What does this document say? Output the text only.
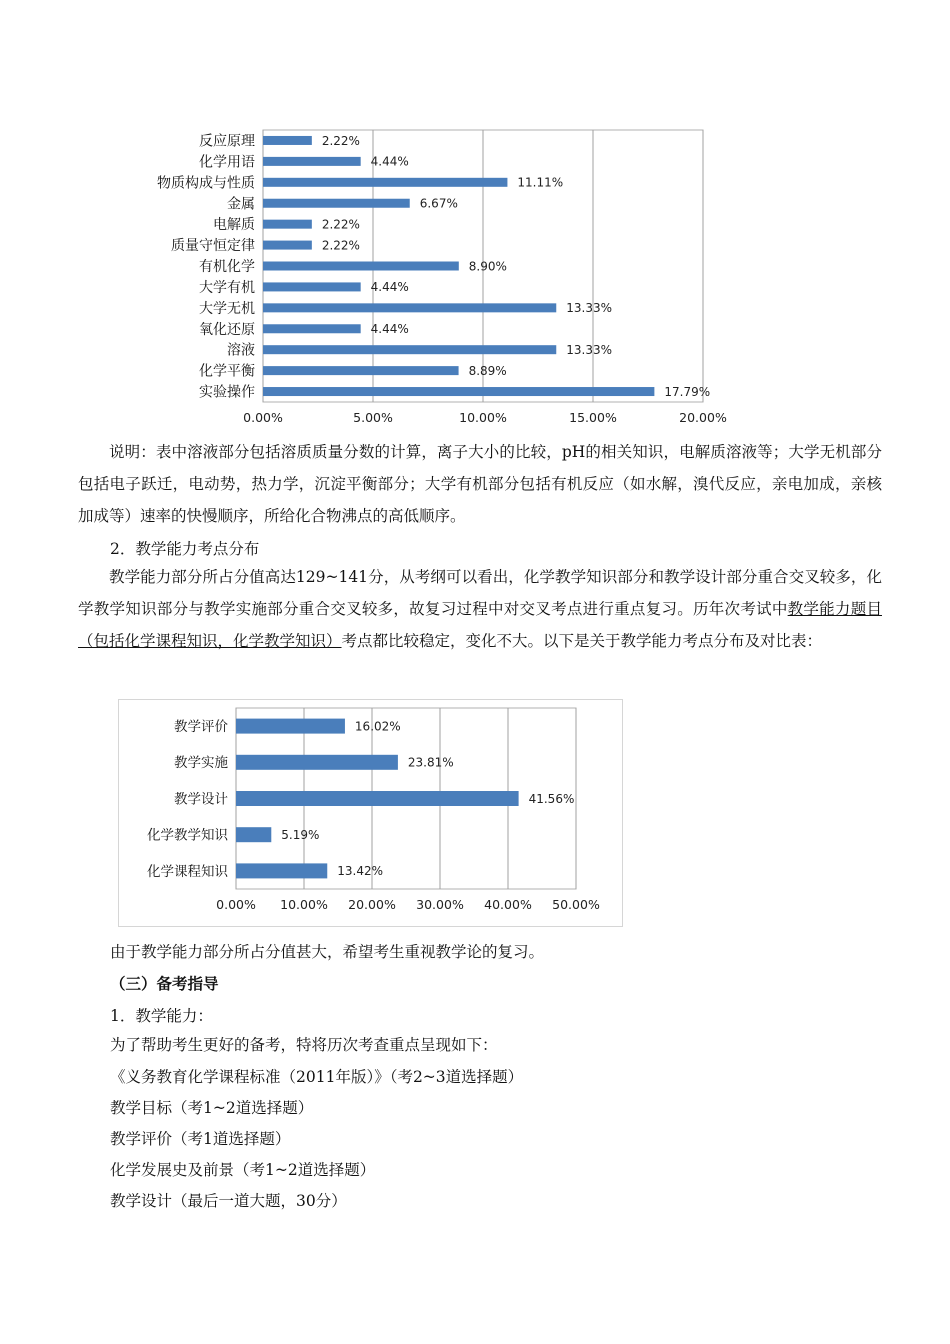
0.00%	5.00%	10.00%	15.00%	20.00%
反应原理	2.22%
化学用语	4.44%
物质构成与性质	11.11%
金属	6.67%
电解质	2.22%
质量守恒定律	2.22%
有机化学	8.90%
大学有机	4.44%
大学无机	13.33%
氧化还原	4.44%
溶液	13.33%
化学平衡	8.89%
实验操作	17.79%

说明：表中溶液部分包括溶质质量分数的计算，离子大小的比较，pH的相关知识，电解质溶液等；大学无机部分包括电子跃迁，电动势，热力学，沉淀平衡部分；大学有机部分包括有机反应（如水解，溴代反应，亲电加成，亲核加成等）速率的快慢顺序，所给化合物沸点的高低顺序。

2．教学能力考点分布

教学能力部分所占分值高达129~141分，从考纲可以看出，化学教学知识部分和教学设计部分重合交叉较多，化学教学知识部分与教学实施部分重合交叉较多，故复习过程中对交叉考点进行重点复习。历年次考试中教学能力题目（包括化学课程知识，化学教学知识）考点都比较稳定，变化不大。以下是关于教学能力考点分布及对比表：

0.00% 10.00% 20.00% 30.00% 40.00% 50.00%
教学评价	16.02%
教学实施	23.81%
教学设计	41.56%
化学教学知识	5.19%
化学课程知识	13.42%

由于教学能力部分所占分值甚大，希望考生重视教学论的复习。

（三）备考指导

1．教学能力：

为了帮助考生更好的备考，特将历次考查重点呈现如下：

《义务教育化学课程标准（2011年版）》（考2~3道选择题）

教学目标（考1~2道选择题）

教学评价（考1道选择题）

化学发展史及前景（考1~2道选择题）

教学设计（最后一道大题，30分）
